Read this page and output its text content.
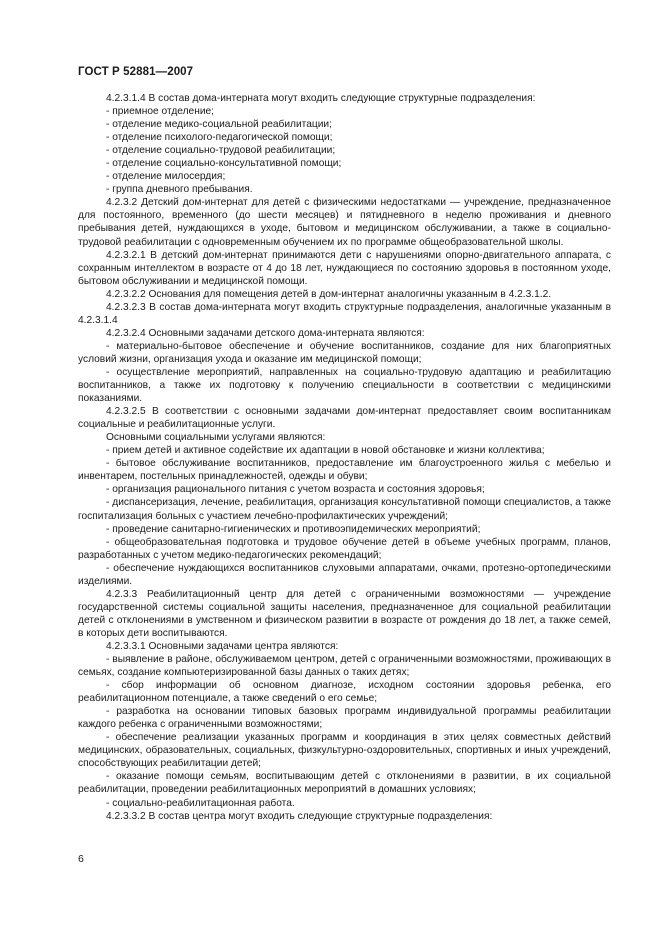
ГОСТ Р 52881—2007

4.2.3.1.4 В состав дома-интерната могут входить следующие структурные подразделения:

- приемное отделение;

- отделение медико-социальной реабилитации;

- отделение психолого-педагогической помощи;

- отделение социально-трудовой реабилитации;

- отделение социально-консультативной помощи;

- отделение милосердия;

- группа дневного пребывания.

4.2.3.2 Детский дом-интернат для детей с физическими недостатками — учреждение, предназначенное для постоянного, временного (до шести месяцев) и пятидневного в неделю проживания и дневного пребывания детей, нуждающихся в уходе, бытовом и медицинском обслуживании, а также в социально-трудовой реабилитации с одновременным обучением их по программе общеобразовательной школы.

4.2.3.2.1 В детский дом-интернат принимаются дети с нарушениями опорно-двигательного аппарата, с сохранным интеллектом в возрасте от 4 до 18 лет, нуждающиеся по состоянию здоровья в постоянном уходе, бытовом обслуживании и медицинской помощи.

4.2.3.2.2 Основания для помещения детей в дом-интернат аналогичны указанным в 4.2.3.1.2.

4.2.3.2.3 В состав дома-интерната могут входить структурные подразделения, аналогичные указанным в 4.2.3.1.4

4.2.3.2.4 Основными задачами детского дома-интерната являются:

- материально-бытовое обеспечение и обучение воспитанников, создание для них благоприятных условий жизни, организация ухода и оказание им медицинской помощи;

- осуществление мероприятий, направленных на социально-трудовую адаптацию и реабилитацию воспитанников, а также их подготовку к получению специальности в соответствии с медицинскими показаниями.

4.2.3.2.5 В соответствии с основными задачами дом-интернат предоставляет своим воспитанникам социальные и реабилитационные услуги.

Основными социальными услугами являются:

- прием детей и активное содействие их адаптации в новой обстановке и жизни коллектива;

- бытовое обслуживание воспитанников, предоставление им благоустроенного жилья с мебелью и инвентарем, постельных принадлежностей, одежды и обуви;

- организация рационального питания с учетом возраста и состояния здоровья;

- диспансеризация, лечение, реабилитация, организация консультативной помощи специалистов, а также госпитализация больных с участием лечебно-профилактических учреждений;

- проведение санитарно-гигиенических и противоэпидемических мероприятий;

- общеобразовательная подготовка и трудовое обучение детей в объеме учебных программ, планов, разработанных с учетом медико-педагогических рекомендаций;

- обеспечение нуждающихся воспитанников слуховыми аппаратами, очками, протезно-ортопедическими изделиями.

4.2.3.3 Реабилитационный центр для детей с ограниченными возможностями — учреждение государственной системы социальной защиты населения, предназначенное для социальной реабилитации детей с отклонениями в умственном и физическом развитии в возрасте от рождения до 18 лет, а также семей, в которых дети воспитываются.

4.2.3.3.1 Основными задачами центра являются:

- выявление в районе, обслуживаемом центром, детей с ограниченными возможностями, проживающих в семьях, создание компьютеризированной базы данных о таких детях;

- сбор информации об основном диагнозе, исходном состоянии здоровья ребенка, его реабилитационном потенциале, а также сведений о его семье;

- разработка на основании типовых базовых программ индивидуальной программы реабилитации каждого ребенка с ограниченными возможностями;

- обеспечение реализации указанных программ и координация в этих целях совместных действий медицинских, образовательных, социальных, физкультурно-оздоровительных, спортивных и иных учреждений, способствующих реабилитации детей;

- оказание помощи семьям, воспитывающим детей с отклонениями в развитии, в их социальной реабилитации, проведении реабилитационных мероприятий в домашних условиях;

- социально-реабилитационная работа.

4.2.3.3.2 В состав центра могут входить следующие структурные подразделения:

6
